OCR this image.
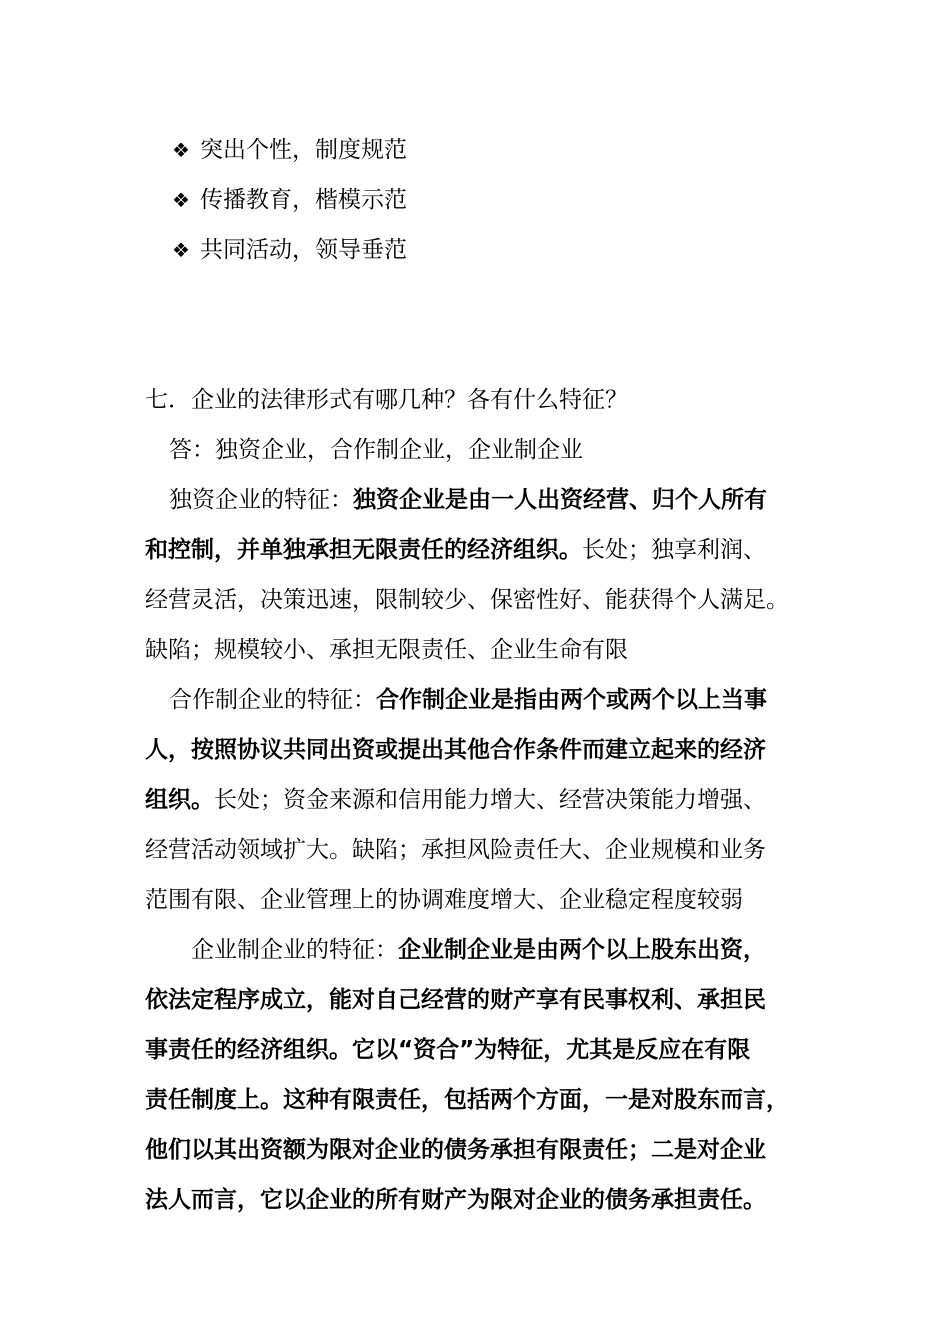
❖ 突出个性，制度规范
❖ 传播教育，楷模示范
❖ 共同活动，领导垂范
七．企业的法律形式有哪几种？各有什么特征？
答：独资企业，合作制企业，企业制企业
独资企业的特征：独资企业是由一人出资经营、归个人所有
和控制，并单独承担无限责任的经济组织。长处；独享利润、
经营灵活，决策迅速，限制较少、保密性好、能获得个人满足。
缺陷；规模较小、承担无限责任、企业生命有限
合作制企业的特征：合作制企业是指由两个或两个以上当事
人，按照协议共同出资或提出其他合作条件而建立起来的经济
组织。长处；资金来源和信用能力增大、经营决策能力增强、
经营活动领域扩大。缺陷；承担风险责任大、企业规模和业务
范围有限、企业管理上的协调难度增大、企业稳定程度较弱
企业制企业的特征：企业制企业是由两个以上股东出资，
依法定程序成立，能对自己经营的财产享有民事权利、承担民
事责任的经济组织。它以“资合”为特征，尤其是反应在有限
责任制度上。这种有限责任，包括两个方面，一是对股东而言，
他们以其出资额为限对企业的债务承担有限责任；二是对企业
法人而言，它以企业的所有财产为限对企业的债务承担责任。
